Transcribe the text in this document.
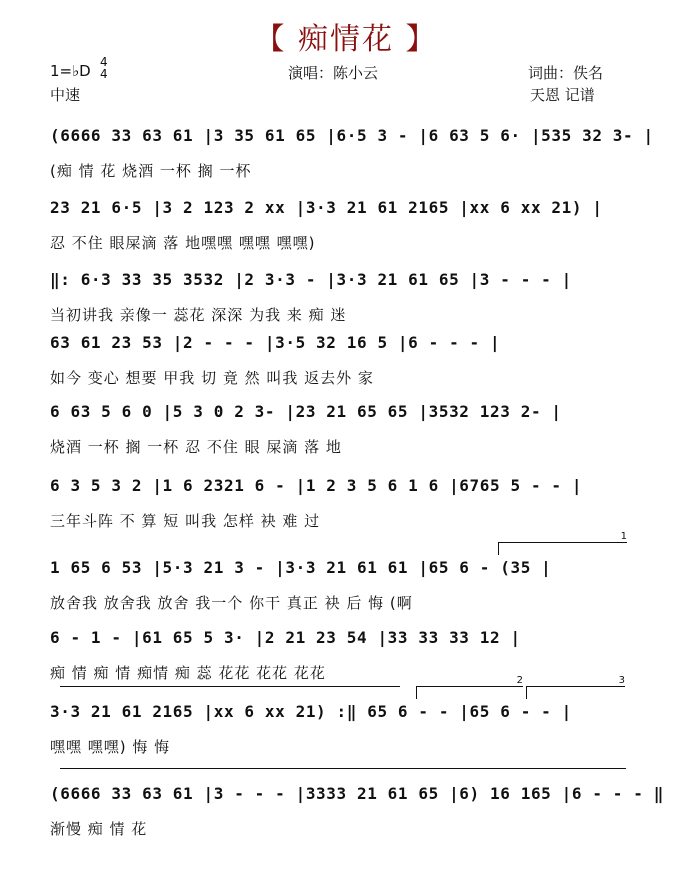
【 痴情花 】
1=♭D 4
4
中速
演唱：陈小云	词曲：佚名
天恩 记谱
(6666 33 63 61 |3 35 61 65 |6·5 3 - |6 63 5 6· |535 32 3- |
(痴 情 花 烧酒 一杯 搁 一杯
23 21 6·5 |3 2 123 2 xx |3·3 21 61 2165 |xx 6 xx 21) |
忍 不住 眼屎滴 落 地嘿嘿 嘿嘿 嘿嘿)
‖: 6·3 33 35 3532 |2 3·3 - |3·3 21 61 65 |3 - - - |
当初讲我 亲像一 蕊花 深深 为我 来 痴 迷
63 61 23 53 |2 - - - |3·5 32 16 5 |6 - - - |
如今 变心 想要 甲我 切 竟 然 叫我 返去外 家
6 63 5 6 0 |5 3 0 2 3- |23 21 65 65 |3532 123 2- |
烧酒 一杯 搁 一杯 忍 不住 眼 屎滴 落 地
6 3 5 3 2 |1 6 2321 6 - |1 2 3 5 6 1 6 |6765 5 - - |
三年斗阵 不 算 短 叫我 怎样 袂 难 过
1
1 65 6 53 |5·3 21 3 - |3·3 21 61 61 |65 6 - (35 |
放舍我 放舍我 放舍 我一个 你干 真正 袂 后 悔 (啊
6 - 1 - |61 65 5 3· |2 21 23 54 |33 33 33 12 |
痴 情 痴 情 痴情 痴 蕊 花花 花花 花花	2	3
3·3 21 61 2165 |xx 6 xx 21) :‖ 65 6 - - |65 6 - - |
嘿嘿 嘿嘿) 悔 悔
(6666 33 63 61 |3 - - - |3333 21 61 65 |6) 16 165 |6 - - - ‖
渐慢 痴 情 花
